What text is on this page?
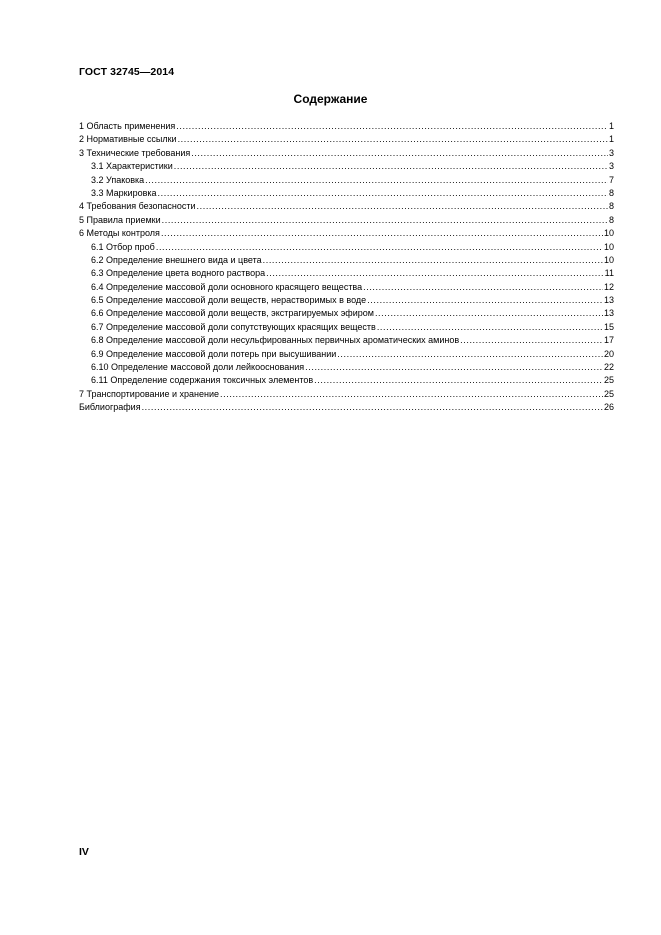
ГОСТ 32745—2014
Содержание
1 Область применения .....	1
2 Нормативные ссылки .....	1
3 Технические требования .....	3
3.1 Характеристики .....	3
3.2 Упаковка .....	7
3.3 Маркировка .....	8
4 Требования безопасности .....	8
5 Правила приемки .....	8
6 Методы контроля .....	10
6.1 Отбор проб .....	10
6.2 Определение внешнего вида и цвета .....	10
6.3 Определение цвета водного раствора .....	11
6.4 Определение массовой доли основного красящего вещества .....	12
6.5 Определение массовой доли веществ, нерастворимых в воде .....	13
6.6 Определение массовой доли веществ, экстрагируемых эфиром .....	13
6.7 Определение массовой доли сопутствующих красящих веществ .....	15
6.8 Определение массовой доли несульфированных первичных ароматических аминов .....	17
6.9 Определение массовой доли потерь при высушивании .....	20
6.10 Определение массовой доли лейкооснования .....	22
6.11 Определение содержания токсичных элементов .....	25
7 Транспортирование и хранение .....	25
Библиография .....	26
IV
